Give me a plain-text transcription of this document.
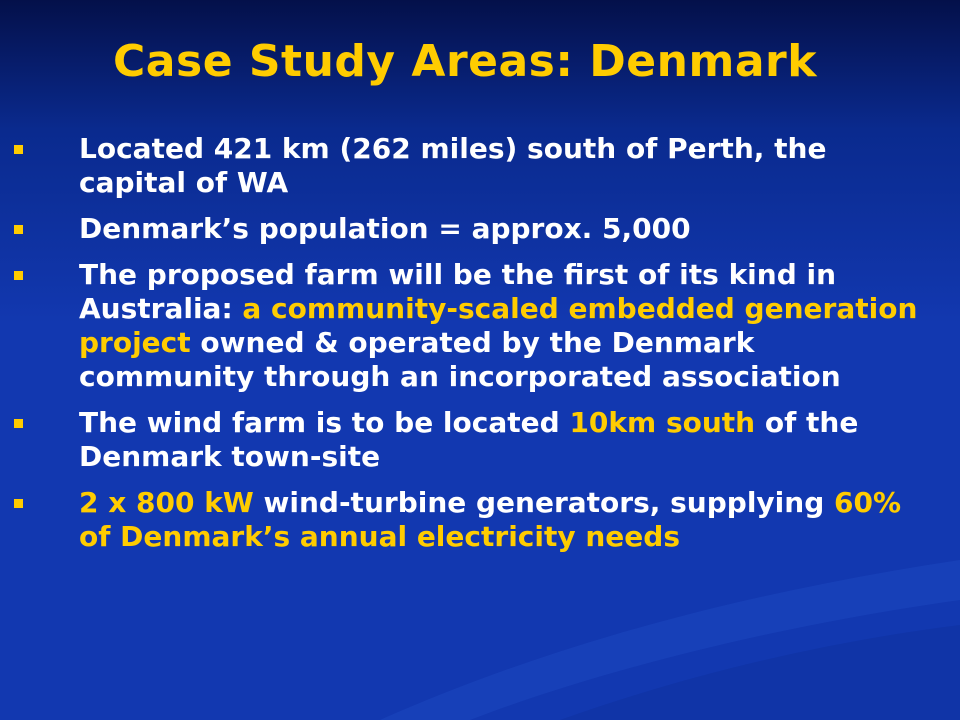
Case Study Areas: Denmark
Located 421 km (262 miles) south of Perth, the capital of WA
Denmark’s population = approx. 5,000
The proposed farm will be the first of its kind in Australia: a community-scaled embedded generation project owned & operated by the Denmark community through an incorporated association
The wind farm is to be located 10km south of the Denmark town-site
2 x 800 kW wind-turbine generators, supplying 60% of Denmark’s annual electricity needs
